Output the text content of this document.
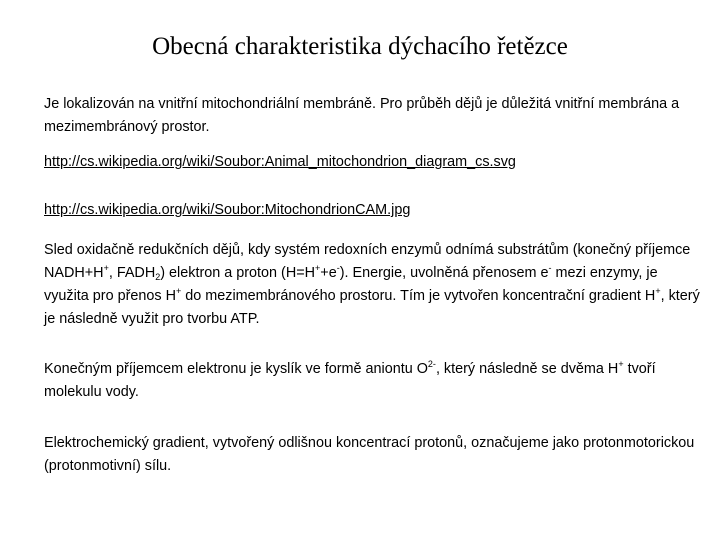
Obecná charakteristika dýchacího řetězce

Je lokalizován na vnitřní mitochondriální membráně. Pro průběh dějů je důležitá vnitřní membrána a mezimembránový prostor.

http://cs.wikipedia.org/wiki/Soubor:Animal_mitochondrion_diagram_cs.svg

http://cs.wikipedia.org/wiki/Soubor:MitochondrionCAM.jpg

Sled oxidačně redukčních dějů, kdy systém redoxních enzymů odnímá substrátům (konečný příjemce NADH+H+, $FADH_2$) elektron a proton (H=H++e-). Energie, uvolněná přenosem e- mezi enzymy, je využita pro přenos H+ do mezimembránového prostoru. Tím je vytvořen koncentrační gradient H+, který je následně využit pro tvorbu ATP.

Konečným příjemcem elektronu je kyslík ve formě aniontu $O^{2-}$, který následně se dvěma H+ tvoří molekulu vody.

Elektrochemický gradient, vytvořený odlišnou koncentrací protonů, označujeme jako protonmotorickou (protonmotivní) sílu.
